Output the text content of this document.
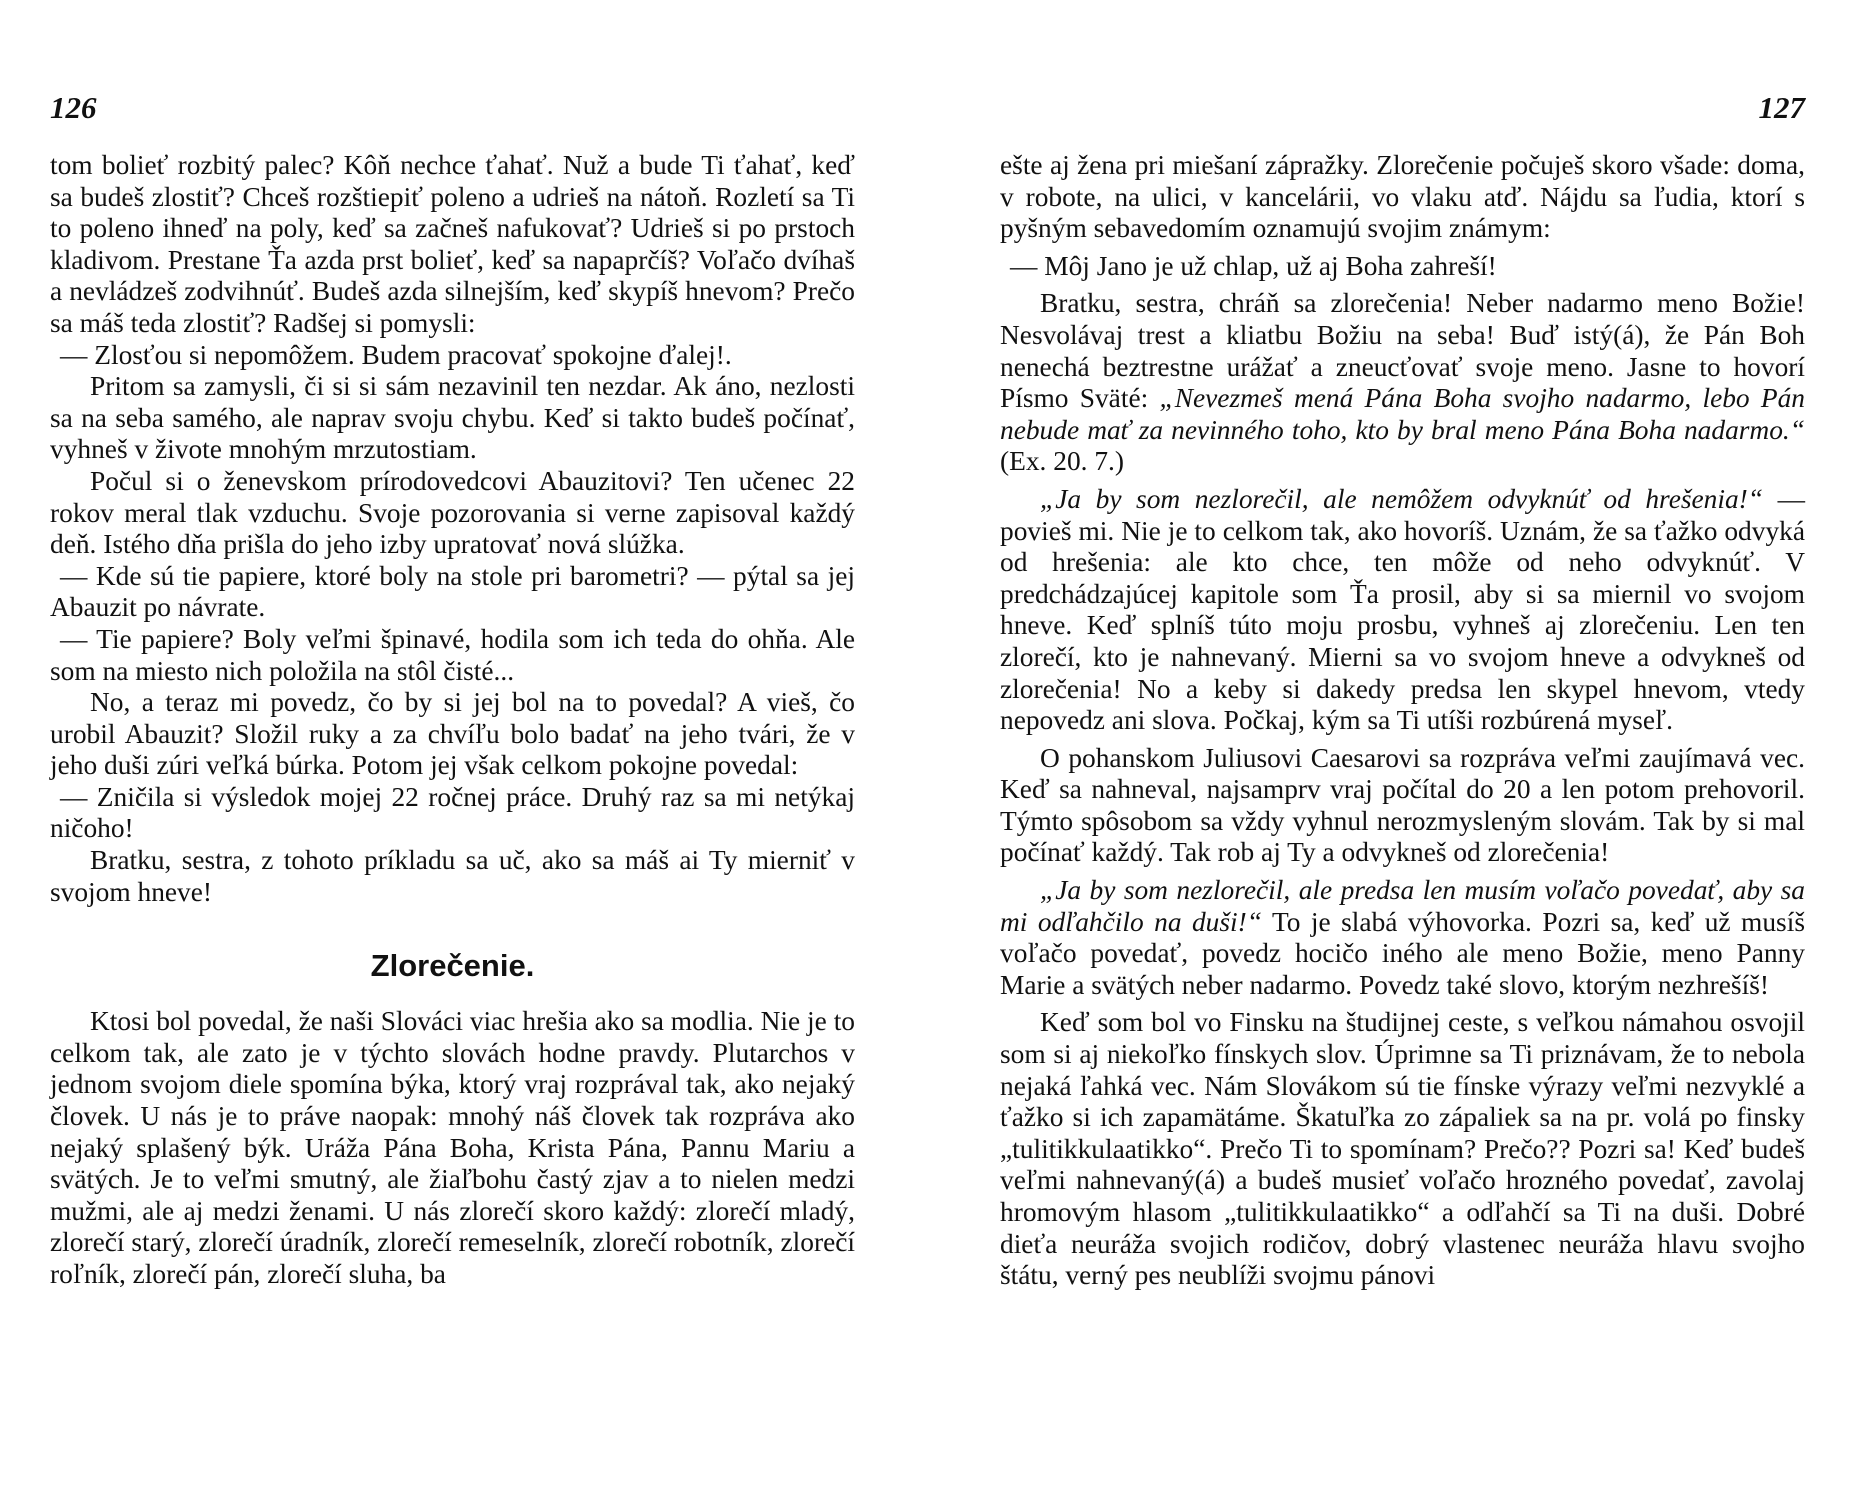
126

tom bolieť rozbitý palec? Kôň nechce ťahať. Nuž a bude Ti ťahať, keď sa budeš zlostiť? Chceš rozštiepiť poleno a udrieš na nátoň. Rozletí sa Ti to poleno ihneď na poly, keď sa začneš nafukovať? Udrieš si po prstoch kladivom. Prestane Ťa azda prst bolieť, keď sa napaprčíš? Voľačo dvíhaš a nevládzeš zodvihnúť. Budeš azda silnejším, keď skypíš hnevom? Prečo sa máš teda zlostiť? Radšej si pomysli:

— Zlosťou si nepomôžem. Budem pracovať spokojne ďalej!.

Pritom sa zamysli, či si si sám nezavinil ten nezdar. Ak áno, nezlosti sa na seba samého, ale naprav svoju chybu. Keď si takto budeš počínať, vyhneš v živote mnohým mrzutostiam.

Počul si o ženevskom prírodovedcovi Abauzitovi? Ten učenec 22 rokov meral tlak vzduchu. Svoje pozorovania si verne zapisoval každý deň. Istého dňa prišla do jeho izby upratovať nová slúžka.

— Kde sú tie papiere, ktoré boly na stole pri barometri? — pýtal sa jej Abauzit po návrate.

— Tie papiere? Boly veľmi špinavé, hodila som ich teda do ohňa. Ale som na miesto nich položila na stôl čisté...

No, a teraz mi povedz, čo by si jej bol na to povedal? A vieš, čo urobil Abauzit? Složil ruky a za chvíľu bolo badať na jeho tvári, že v jeho duši zúri veľká búrka. Potom jej však celkom pokojne povedal:

— Zničila si výsledok mojej 22 ročnej práce. Druhý raz sa mi netýkaj ničoho!

Bratku, sestra, z tohoto príkladu sa uč, ako sa máš ai Ty mierniť v svojom hneve!

Zlorečenie.

Ktosi bol povedal, že naši Slováci viac hrešia ako sa modlia. Nie je to celkom tak, ale zato je v týchto slovách hodne pravdy. Plutarchos v jednom svojom diele spomína býka, ktorý vraj rozprával tak, ako nejaký človek. U nás je to práve naopak: mnohý náš človek tak rozpráva ako nejaký splašený býk. Uráža Pána Boha, Krista Pána, Pannu Mariu a svätých. Je to veľmi smutný, ale žiaľbohu častý zjav a to nielen medzi mužmi, ale aj medzi ženami. U nás zlorečí skoro každý: zlorečí mladý, zlorečí starý, zlorečí úradník, zlorečí remeselník, zlorečí robotník, zlorečí roľník, zlorečí pán, zlorečí sluha, ba

127

ešte aj žena pri miešaní zápražky. Zlorečenie počuješ skoro všade: doma, v robote, na ulici, v kancelárii, vo vlaku atď. Nájdu sa ľudia, ktorí s pyšným sebavedomím oznamujú svojim známym:

— Môj Jano je už chlap, už aj Boha zahreší!

Bratku, sestra, chráň sa zlorečenia! Neber nadarmo meno Božie! Nesvolávaj trest a kliatbu Božiu na seba! Buď istý(á), že Pán Boh nenechá beztrestne urážať a zneucťovať svoje meno. Jasne to hovorí Písmo Sväté: „Nevezmeš mená Pána Boha svojho nadarmo, lebo Pán nebude mať za nevinného toho, kto by bral meno Pána Boha nadarmo.“ (Ex. 20. 7.)

„Ja by som nezlorečil, ale nemôžem odvyknúť od hrešenia!“ — povieš mi. Nie je to celkom tak, ako hovoríš. Uznám, že sa ťažko odvyká od hrešenia: ale kto chce, ten môže od neho odvyknúť. V predchádzajúcej kapitole som Ťa prosil, aby si sa miernil vo svojom hneve. Keď splníš túto moju prosbu, vyhneš aj zlorečeniu. Len ten zlorečí, kto je nahnevaný. Mierni sa vo svojom hneve a odvykneš od zlorečenia! No a keby si dakedy predsa len skypel hnevom, vtedy nepovedz ani slova. Počkaj, kým sa Ti utíši rozbúrená myseľ.

O pohanskom Juliusovi Caesarovi sa rozpráva veľmi zaujímavá vec. Keď sa nahneval, najsamprv vraj počítal do 20 a len potom prehovoril. Týmto spôsobom sa vždy vyhnul nerozmysleným slovám. Tak by si mal počínať každý. Tak rob aj Ty a odvykneš od zlorečenia!

„Ja by som nezlorečil, ale predsa len musím voľačo povedať, aby sa mi odľahčilo na duši!“ To je slabá výhovorka. Pozri sa, keď už musíš voľačo povedať, povedz hocičo iného ale meno Božie, meno Panny Marie a svätých neber nadarmo. Povedz také slovo, ktorým nezhrešíš!

Keď som bol vo Finsku na študijnej ceste, s veľkou námahou osvojil som si aj niekoľko fínskych slov. Úprimne sa Ti priznávam, že to nebola nejaká ľahká vec. Nám Slovákom sú tie fínske výrazy veľmi nezvyklé a ťažko si ich zapamätáme. Škatuľka zo zápaliek sa na pr. volá po finsky „tulitikkulaatikko“. Prečo Ti to spomínam? Prečo?? Pozri sa! Keď budeš veľmi nahnevaný(á) a budeš musieť voľačo hrozného povedať, zavolaj hromovým hlasom „tulitikkulaatikko“ a odľahčí sa Ti na duši. Dobré dieťa neuráža svojich rodičov, dobrý vlastenec neuráža hlavu svojho štátu, verný pes neublíži svojmu pánovi
